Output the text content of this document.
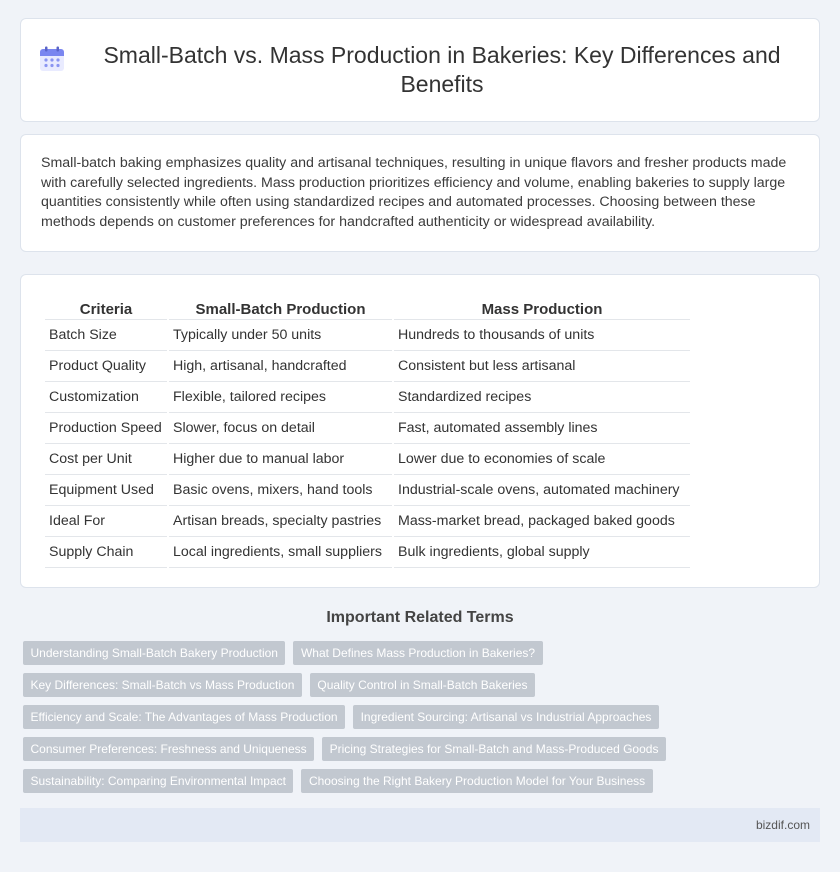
Small-Batch vs. Mass Production in Bakeries: Key Differences and Benefits

Small-batch baking emphasizes quality and artisanal techniques, resulting in unique flavors and fresher products made with carefully selected ingredients. Mass production prioritizes efficiency and volume, enabling bakeries to supply large quantities consistently while often using standardized recipes and automated processes. Choosing between these methods depends on customer preferences for handcrafted authenticity or widespread availability.

Criteria	Small-Batch Production	Mass Production
Batch Size	Typically under 50 units	Hundreds to thousands of units
Product Quality	High, artisanal, handcrafted	Consistent but less artisanal
Customization	Flexible, tailored recipes	Standardized recipes
Production Speed	Slower, focus on detail	Fast, automated assembly lines
Cost per Unit	Higher due to manual labor	Lower due to economies of scale
Equipment Used	Basic ovens, mixers, hand tools	Industrial-scale ovens, automated machinery
Ideal For	Artisan breads, specialty pastries	Mass-market bread, packaged baked goods
Supply Chain	Local ingredients, small suppliers	Bulk ingredients, global supply
Important Related Terms
Understanding Small-Batch Bakery Production	What Defines Mass Production in Bakeries?
Key Differences: Small-Batch vs Mass Production	Quality Control in Small-Batch Bakeries
Efficiency and Scale: The Advantages of Mass Production	Ingredient Sourcing: Artisanal vs Industrial Approaches
Consumer Preferences: Freshness and Uniqueness	Pricing Strategies for Small-Batch and Mass-Produced Goods
Sustainability: Comparing Environmental Impact	Choosing the Right Bakery Production Model for Your Business
bizdif.com
